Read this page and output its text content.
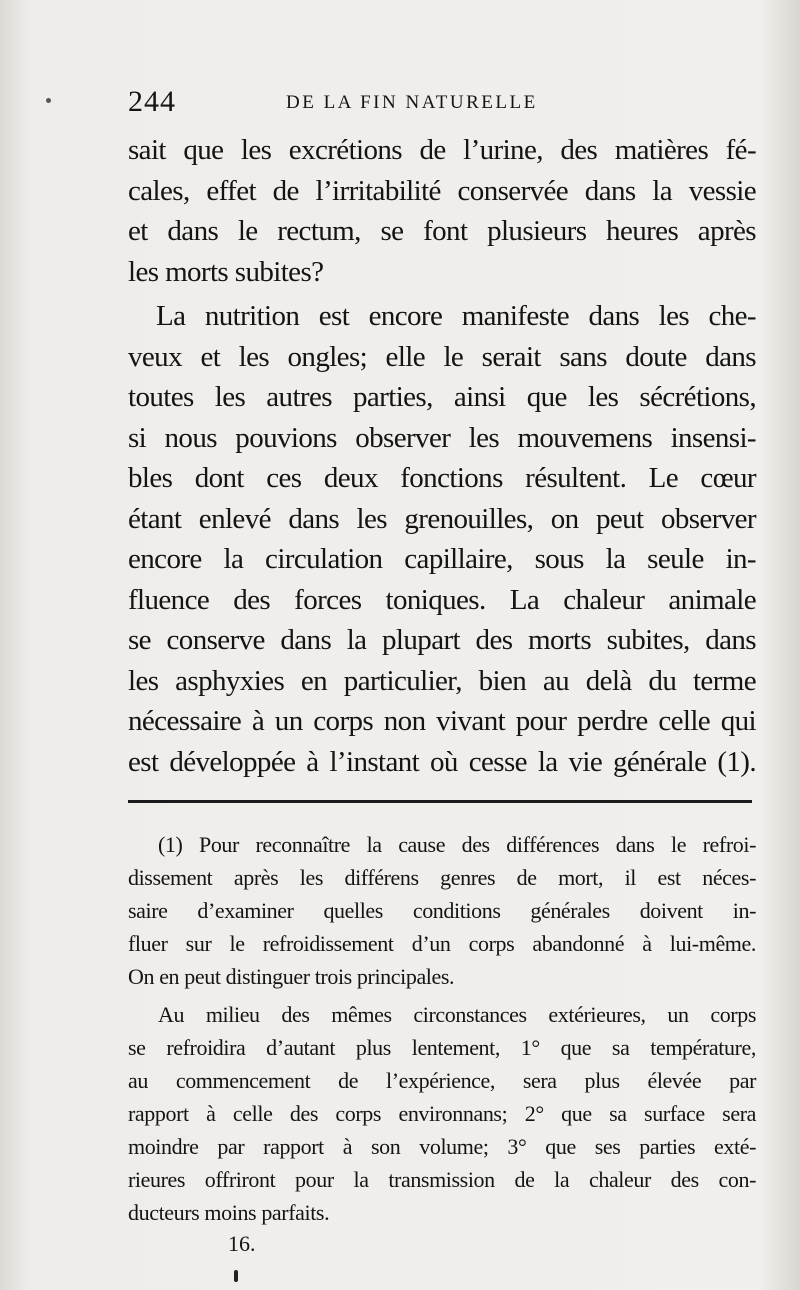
244	DE LA FIN NATURELLE
sait que les excrétions de l’urine, des matières fé-
cales, effet de l’irritabilité conservée dans la vessie
et dans le rectum, se font plusieurs heures après
les morts subites?
La nutrition est encore manifeste dans les che-
veux et les ongles; elle le serait sans doute dans
toutes les autres parties, ainsi que les sécrétions,
si nous pouvions observer les mouvemens insensi-
bles dont ces deux fonctions résultent. Le cœur
étant enlevé dans les grenouilles, on peut observer
encore la circulation capillaire, sous la seule in-
fluence des forces toniques. La chaleur animale
se conserve dans la plupart des morts subites, dans
les asphyxies en particulier, bien au delà du terme
nécessaire à un corps non vivant pour perdre celle qui
est développée à l’instant où cesse la vie générale (1).
(1) Pour reconnaître la cause des différences dans le refroi-
dissement après les différens genres de mort, il est néces-
saire d’examiner quelles conditions générales doivent in-
fluer sur le refroidissement d’un corps abandonné à lui-même.
On en peut distinguer trois principales.
Au milieu des mêmes circonstances extérieures, un corps
se refroidira d’autant plus lentement, 1° que sa température,
au commencement de l’expérience, sera plus élevée par
rapport à celle des corps environnans; 2° que sa surface sera
moindre par rapport à son volume; 3° que ses parties exté-
rieures offriront pour la transmission de la chaleur des con-
ducteurs moins parfaits.
16.
